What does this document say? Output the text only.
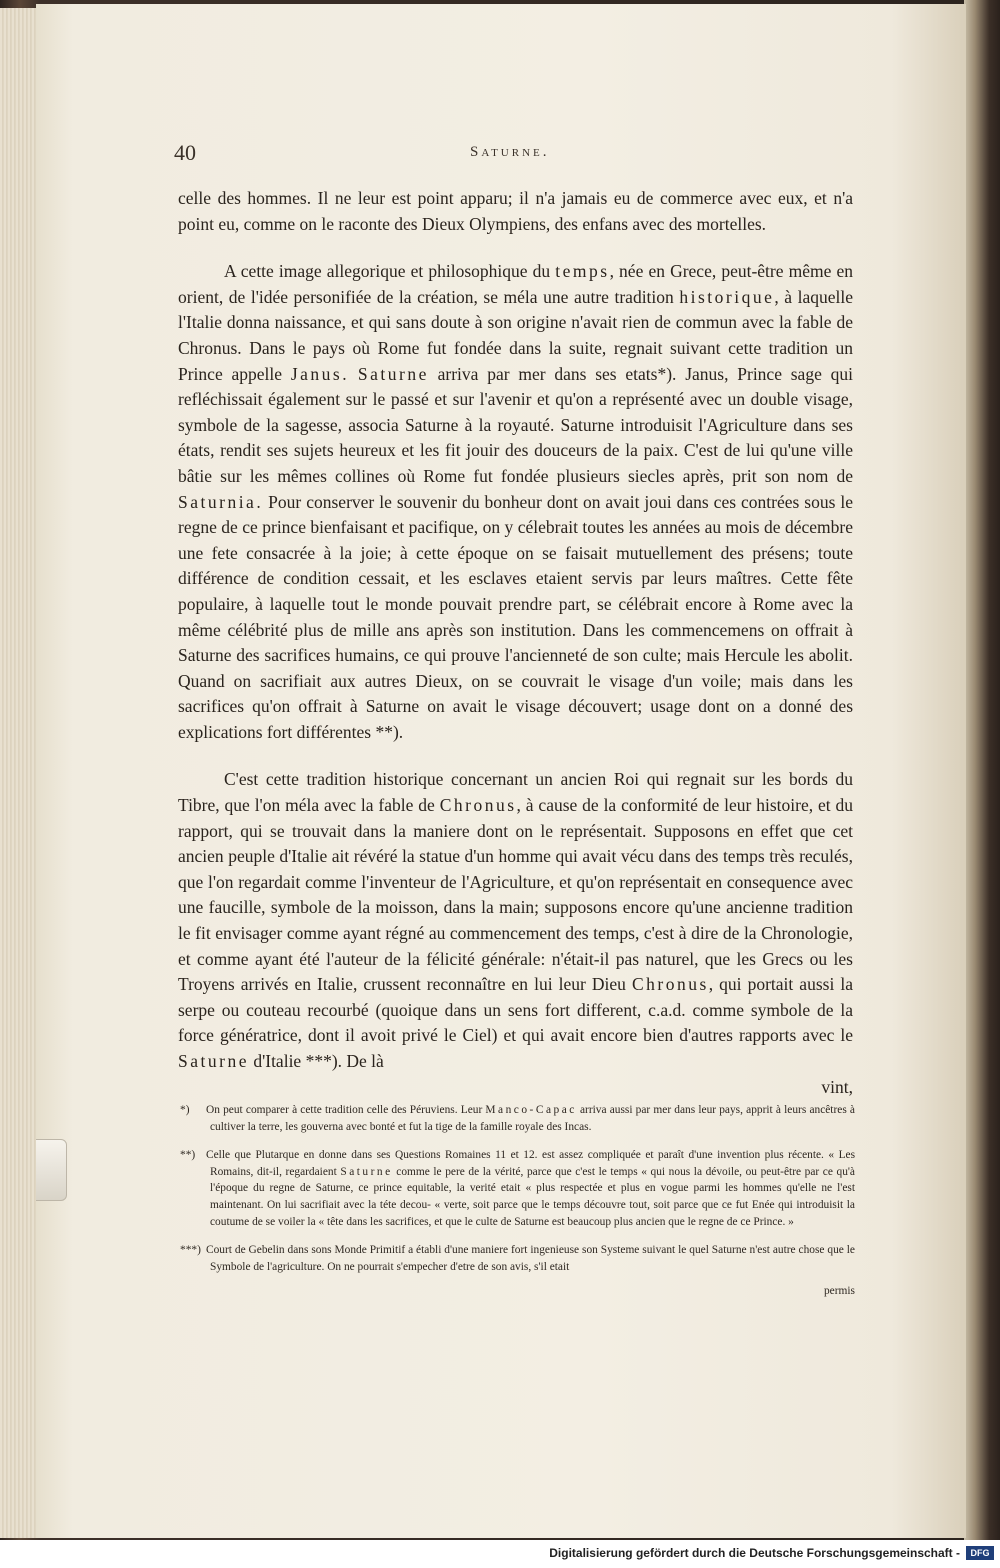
40	Saturne.

celle des hommes. Il ne leur est point apparu; il n'a jamais eu de commerce avec eux, et n'a point eu, comme on le raconte des Dieux Olympiens, des enfans avec des mortelles.

A cette image allegorique et philosophique du temps, née en Grece, peut-être même en orient, de l'idée personifiée de la création, se méla une autre tradition historique, à laquelle l'Italie donna naissance, et qui sans doute à son origine n'avait rien de commun avec la fable de Chronus. Dans le pays où Rome fut fondée dans la suite, regnait suivant cette tradition un Prince appelle Janus. Saturne arriva par mer dans ses etats*). Janus, Prince sage qui refléchissait également sur le passé et sur l'avenir et qu'on a représenté avec un double visage, symbole de la sagesse, associa Saturne à la royauté. Saturne introduisit l'Agriculture dans ses états, rendit ses sujets heureux et les fit jouir des douceurs de la paix. C'est de lui qu'une ville bâtie sur les mêmes collines où Rome fut fondée plusieurs siecles après, prit son nom de Saturnia. Pour conserver le souvenir du bonheur dont on avait joui dans ces contrées sous le regne de ce prince bienfaisant et pacifique, on y célebrait toutes les années au mois de décembre une fete consacrée à la joie; à cette époque on se faisait mutuellement des présens; toute différence de condition cessait, et les esclaves etaient servis par leurs maîtres. Cette fête populaire, à laquelle tout le monde pouvait prendre part, se célébrait encore à Rome avec la même célébrité plus de mille ans après son institution. Dans les commencemens on offrait à Saturne des sacrifices humains, ce qui prouve l'ancienneté de son culte; mais Hercule les abolit. Quand on sacrifiait aux autres Dieux, on se couvrait le visage d'un voile; mais dans les sacrifices qu'on offrait à Saturne on avait le visage découvert; usage dont on a donné des explications fort différentes **).

C'est cette tradition historique concernant un ancien Roi qui regnait sur les bords du Tibre, que l'on méla avec la fable de Chronus, à cause de la conformité de leur histoire, et du rapport, qui se trouvait dans la maniere dont on le représentait. Supposons en effet que cet ancien peuple d'Italie ait révéré la statue d'un homme qui avait vécu dans des temps très reculés, que l'on regardait comme l'inventeur de l'Agriculture, et qu'on représentait en consequence avec une faucille, symbole de la moisson, dans la main; supposons encore qu'une ancienne tradition le fit envisager comme ayant régné au commencement des temps, c'est à dire de la Chronologie, et comme ayant été l'auteur de la félicité générale: n'était-il pas naturel, que les Grecs ou les Troyens arrivés en Italie, crussent reconnaître en lui leur Dieu Chronus, qui portait aussi la serpe ou couteau recourbé (quoique dans un sens fort different, c.a.d. comme symbole de la force génératrice, dont il avoit privé le Ciel) et qui avait encore bien d'autres rapports avec le Saturne d'Italie ***). De là

vint,

*) On peut comparer à cette tradition celle des Péruviens. Leur Manco-Capac arriva aussi par mer dans leur pays, apprit à leurs ancêtres à cultiver la terre, les gouverna avec bonté et fut la tige de la famille royale des Incas.

**) Celle que Plutarque en donne dans ses Questions Romaines 11 et 12. est assez compliquée et paraît d'une invention plus récente. « Les Romains, dit-il, regardaient Saturne comme le pere de la vérité, parce que c'est le temps « qui nous la dévoile, ou peut-être par ce qu'à l'époque du regne de Saturne, ce prince equitable, la verité etait « plus respectée et plus en vogue parmi les hommes qu'elle ne l'est maintenant. On lui sacrifiait avec la téte decou- « verte, soit parce que le temps découvre tout, soit parce que ce fut Enée qui introduisit la coutume de se voiler la « tête dans les sacrifices, et que le culte de Saturne est beaucoup plus ancien que le regne de ce Prince. »

***) Court de Gebelin dans sons Monde Primitif a établi d'une maniere fort ingenieuse son Systeme suivant le quel Saturne n'est autre chose que le Symbole de l'agriculture. On ne pourrait s'empecher d'etre de son avis, s'il etait

permis

Digitalisierung gefördert durch die Deutsche Forschungsgemeinschaft -	DFG
